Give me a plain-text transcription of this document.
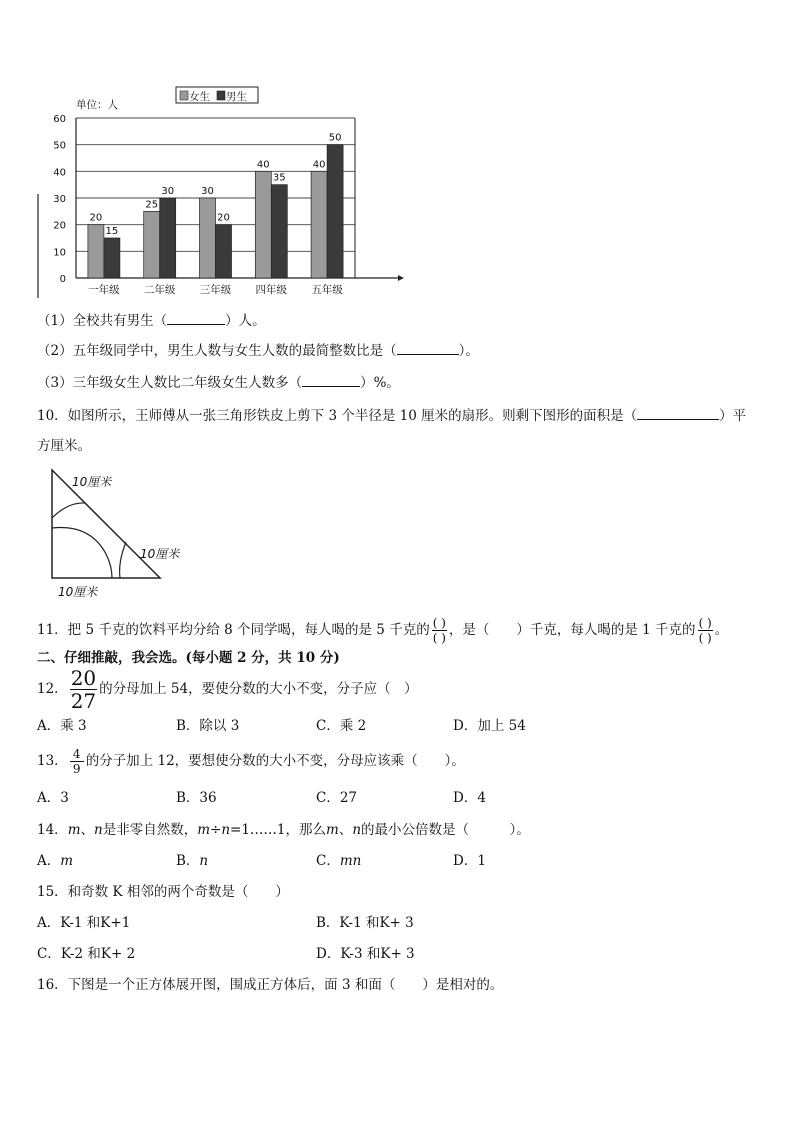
0
10
20
30
40
50
60
20
15
25
30	30
20
40
35
40
50
一年级 二年级 三年级 四年级 五年级
单位：人
女生 男生
（1）全校共有男生（	）人。
（2）五年级同学中，男生人数与女生人数的最简整数比是（	）。
（3）三年级女生人数比二年级女生人数多（	）%。
10．如图所示，王师傅从一张三角形铁皮上剪下 3 个半径是 10 厘米的扇形。则剩下图形的面积是（	）平
方厘米。
10厘米
10厘米
10厘米
11．把 5 千克的饮料平均分给 8 个同学喝，每人喝的是 5 千克的 $\frac{( )}{( )}$ ，是（　　）千克，每人喝的是 1 千克的 $\frac{( )}{( )}$ 。
二、仔细推敲，我会选。(每小题 2 分，共 10 分)
12． $\frac{20}{27}$ 的分母加上 54，要使分数的大小不变，分子应（　）
A．乘 3	B．除以 3	C．乘 2	D．加上 54
13． $\frac{4}{9}$ 的分子加上 12，要想使分数的大小不变，分母应该乘（　　）。
A．3	B．36	C．27	D．4
14．m、n是非零自然数，m÷n=1……1，那么m、n的最小公倍数是（　　　）。
A．m	B．n	C．mn	D．1
15．和奇数 K 相邻的两个奇数是（　　）
A．K-1 和K+1	B．K-1 和K+ 3
C．K-2 和K+ 2	D．K-3 和K+ 3
16．下图是一个正方体展开图，围成正方体后，面 3 和面（　　）是相对的。
